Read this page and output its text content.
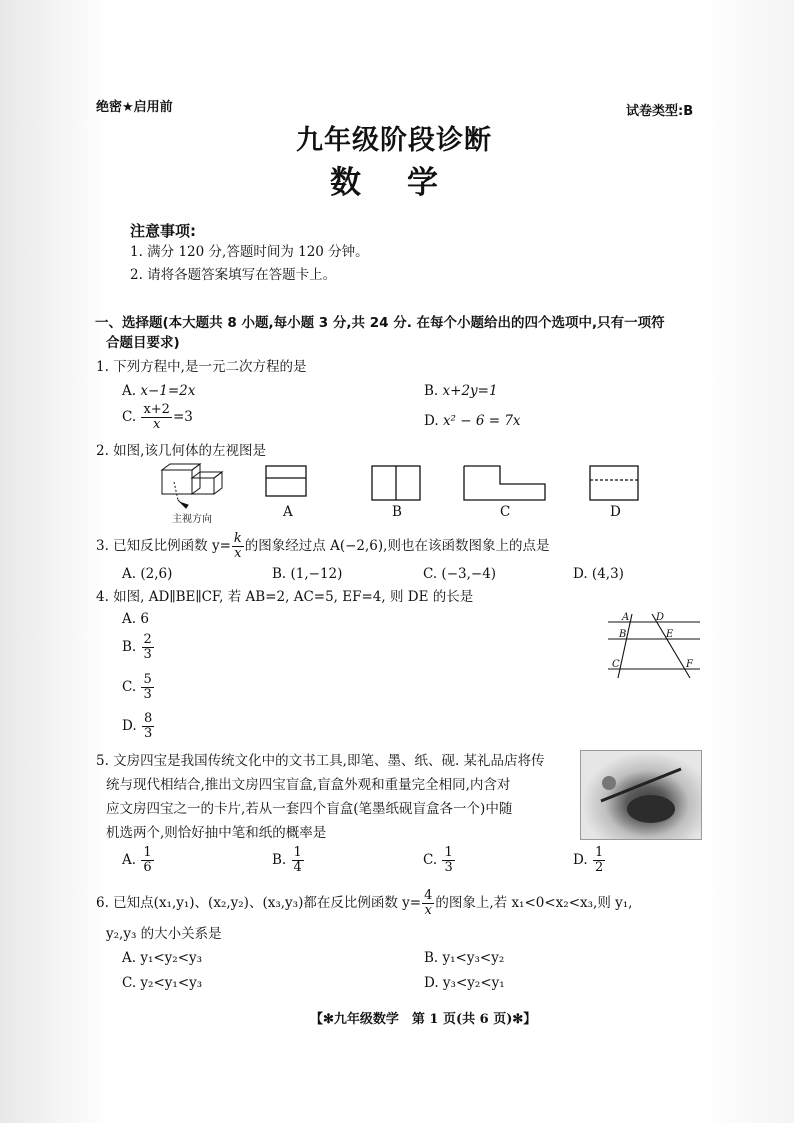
绝密★启用前	试卷类型:B
九年级阶段诊断
数学
注意事项:
1. 满分 120 分,答题时间为 120 分钟。
2. 请将各题答案填写在答题卡上。
一、选择题(本大题共 8 小题,每小题 3 分,共 24 分. 在每个小题给出的四个选项中,只有一项符
合题目要求)
1. 下列方程中,是一元二次方程的是
A. x−1=2x	B. x+2y=1
C. $\frac{x+2}{x} =3$	D. x² − 6 = 7x
2. 如图,该几何体的左视图是
主视方向	A	B	C	D
3. 已知反比例函数 $y= \frac{k}{x}$ 的图象经过点 A(−2,6),则也在该函数图象上的点是
A. (2,6)	B. (1,−12)	C. (−3,−4)	D. (4,3)
4. 如图, AD∥BE∥CF, 若 AB=2, AC=5, EF=4, 则 DE 的长是
A. 6
B. $\frac{2}{3}$
C. $\frac{5}{3}$
D. $\frac{8}{3}$
A	D
B	E
C	F
5. 文房四宝是我国传统文化中的文书工具,即笔、墨、纸、砚. 某礼品店将传
统与现代相结合,推出文房四宝盲盒,盲盒外观和重量完全相同,内含对
应文房四宝之一的卡片,若从一套四个盲盒(笔墨纸砚盲盒各一个)中随
机选两个,则恰好抽中笔和纸的概率是
A. $\frac{1}{6}$	B. $\frac{1}{4}$	C. $\frac{1}{3}$	D. $\frac{1}{2}$
6. 已知点(x₁,y₁)、(x₂,y₂)、(x₃,y₃)都在反比例函数 $y= \frac{4}{x}$ 的图象上,若 x₁<0<x₂<x₃,则 y₁,
y₂,y₃ 的大小关系是
A. y₁<y₂<y₃	B. y₁<y₃<y₂
C. y₂<y₁<y₃	D. y₃<y₂<y₁
【✻九年级数学　第 1 页(共 6 页)✻】
